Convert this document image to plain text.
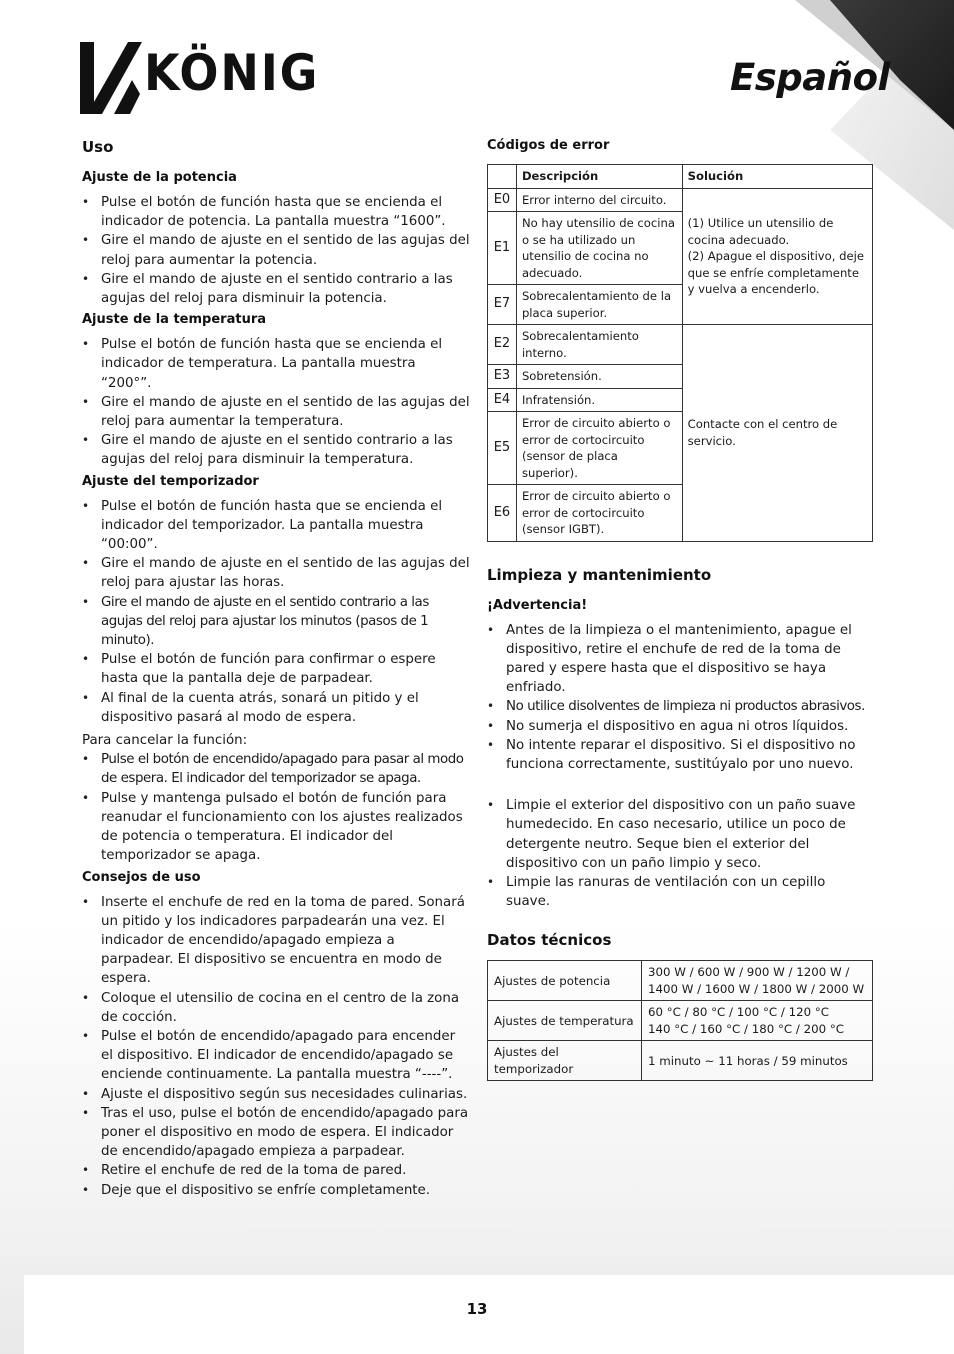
KÖNIG	Español
Uso
Ajuste de la potencia
• Pulse el botón de función hasta que se encienda el indicador de potencia. La pantalla muestra “1600”.
• Gire el mando de ajuste en el sentido de las agujas del reloj para aumentar la potencia.
• Gire el mando de ajuste en el sentido contrario a las agujas del reloj para disminuir la potencia.
Ajuste de la temperatura
• Pulse el botón de función hasta que se encienda el indicador de temperatura. La pantalla muestra “200°”.
• Gire el mando de ajuste en el sentido de las agujas del reloj para aumentar la temperatura.
• Gire el mando de ajuste en el sentido contrario a las agujas del reloj para disminuir la temperatura.
Ajuste del temporizador
• Pulse el botón de función hasta que se encienda el indicador del temporizador. La pantalla muestra “00:00”.
• Gire el mando de ajuste en el sentido de las agujas del reloj para ajustar las horas.
• Gire el mando de ajuste en el sentido contrario a las agujas del reloj para ajustar los minutos (pasos de 1 minuto).
• Pulse el botón de función para confirmar o espere hasta que la pantalla deje de parpadear.
• Al final de la cuenta atrás, sonará un pitido y el dispositivo pasará al modo de espera.

Para cancelar la función:

• Pulse el botón de encendido/apagado para pasar al modo de espera. El indicador del temporizador se apaga.
• Pulse y mantenga pulsado el botón de función para reanudar el funcionamiento con los ajustes realizados de potencia o temperatura. El indicador del temporizador se apaga.
Consejos de uso
• Inserte el enchufe de red en la toma de pared. Sonará un pitido y los indicadores parpadearán una vez. El indicador de encendido/apagado empieza a parpadear. El dispositivo se encuentra en modo de espera.
• Coloque el utensilio de cocina en el centro de la zona de cocción.
• Pulse el botón de encendido/apagado para encender el dispositivo. El indicador de encendido/apagado se enciende continuamente. La pantalla muestra “----”.
• Ajuste el dispositivo según sus necesidades culinarias.
• Tras el uso, pulse el botón de encendido/apagado para poner el dispositivo en modo de espera. El indicador de encendido/apagado empieza a parpadear.
• Retire el enchufe de red de la toma de pared.
• Deje que el dispositivo se enfríe completamente.
Códigos de error
	Descripción	Solución
E0	Error interno del circuito.	(1) Utilice un utensilio de cocina adecuado.
(2) Apague el dispositivo, deje que se enfríe completamente y vuelva a encenderlo.

E1	No hay utensilio de cocina o se ha utilizado un utensilio de cocina no adecuado.	
E7	Sobrecalentamiento de la placa superior.	
E2	Sobrecalentamiento interno.	Contacte con el centro de servicio.
E3	Sobretensión.	
E4	Infratensión.	
E5	Error de circuito abierto o error de cortocircuito (sensor de placa superior).	
E6	Error de circuito abierto o error de cortocircuito (sensor IGBT).	
Limpieza y mantenimiento
¡Advertencia!
• Antes de la limpieza o el mantenimiento, apague el dispositivo, retire el enchufe de red de la toma de pared y espere hasta que el dispositivo se haya enfriado.
• No utilice disolventes de limpieza ni productos abrasivos.
• No sumerja el dispositivo en agua ni otros líquidos.
• No intente reparar el dispositivo. Si el dispositivo no funciona correctamente, sustitúyalo por uno nuevo.
• Limpie el exterior del dispositivo con un paño suave humedecido. En caso necesario, utilice un poco de detergente neutro. Seque bien el exterior del dispositivo con un paño limpio y seco.
• Limpie las ranuras de ventilación con un cepillo suave.
Datos técnicos
Ajustes de potencia	300 W / 600 W / 900 W / 1200 W /
1400 W / 1600 W / 1800 W / 2000 W

Ajustes de temperatura	60 °C / 80 °C / 100 °C / 120 °C
140 °C / 160 °C / 180 °C / 200 °C

Ajustes del temporizador	1 minuto ~ 11 horas / 59 minutos
13
